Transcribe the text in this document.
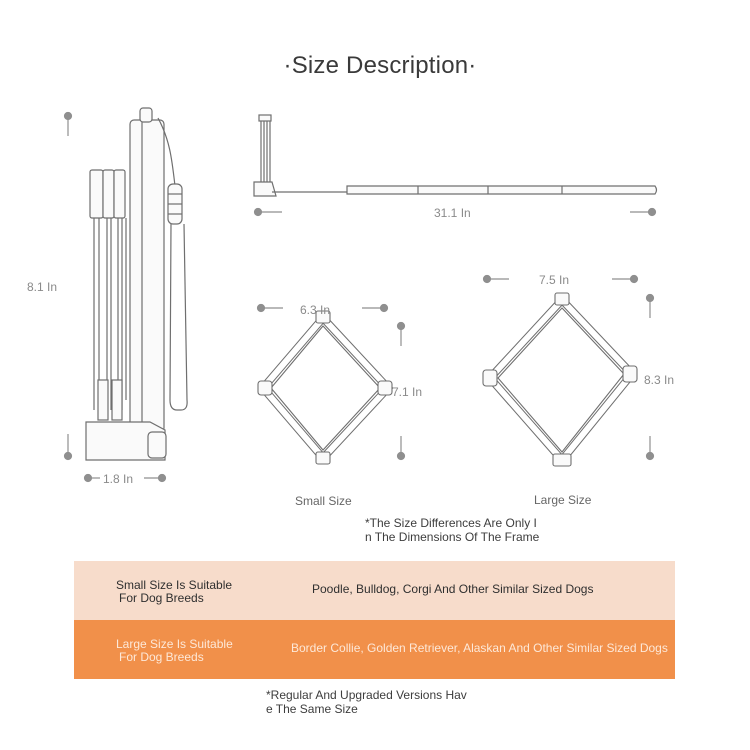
·Size Description·
8.1 In
1.8 In
31.1 In
6.3 In
7.1 In
7.5 In
8.3 In
Small Size	Large Size
*The Size Differences Are Only I
n The Dimensions Of The Frame
Small Size Is Suitable
For Dog Breeds
Poodle, Bulldog, Corgi And Other Similar Sized Dogs
Large Size Is Suitable
For Dog Breeds
Border Collie, Golden Retriever, Alaskan And Other Similar Sized Dogs
*Regular And Upgraded Versions Hav
e The Same Size
